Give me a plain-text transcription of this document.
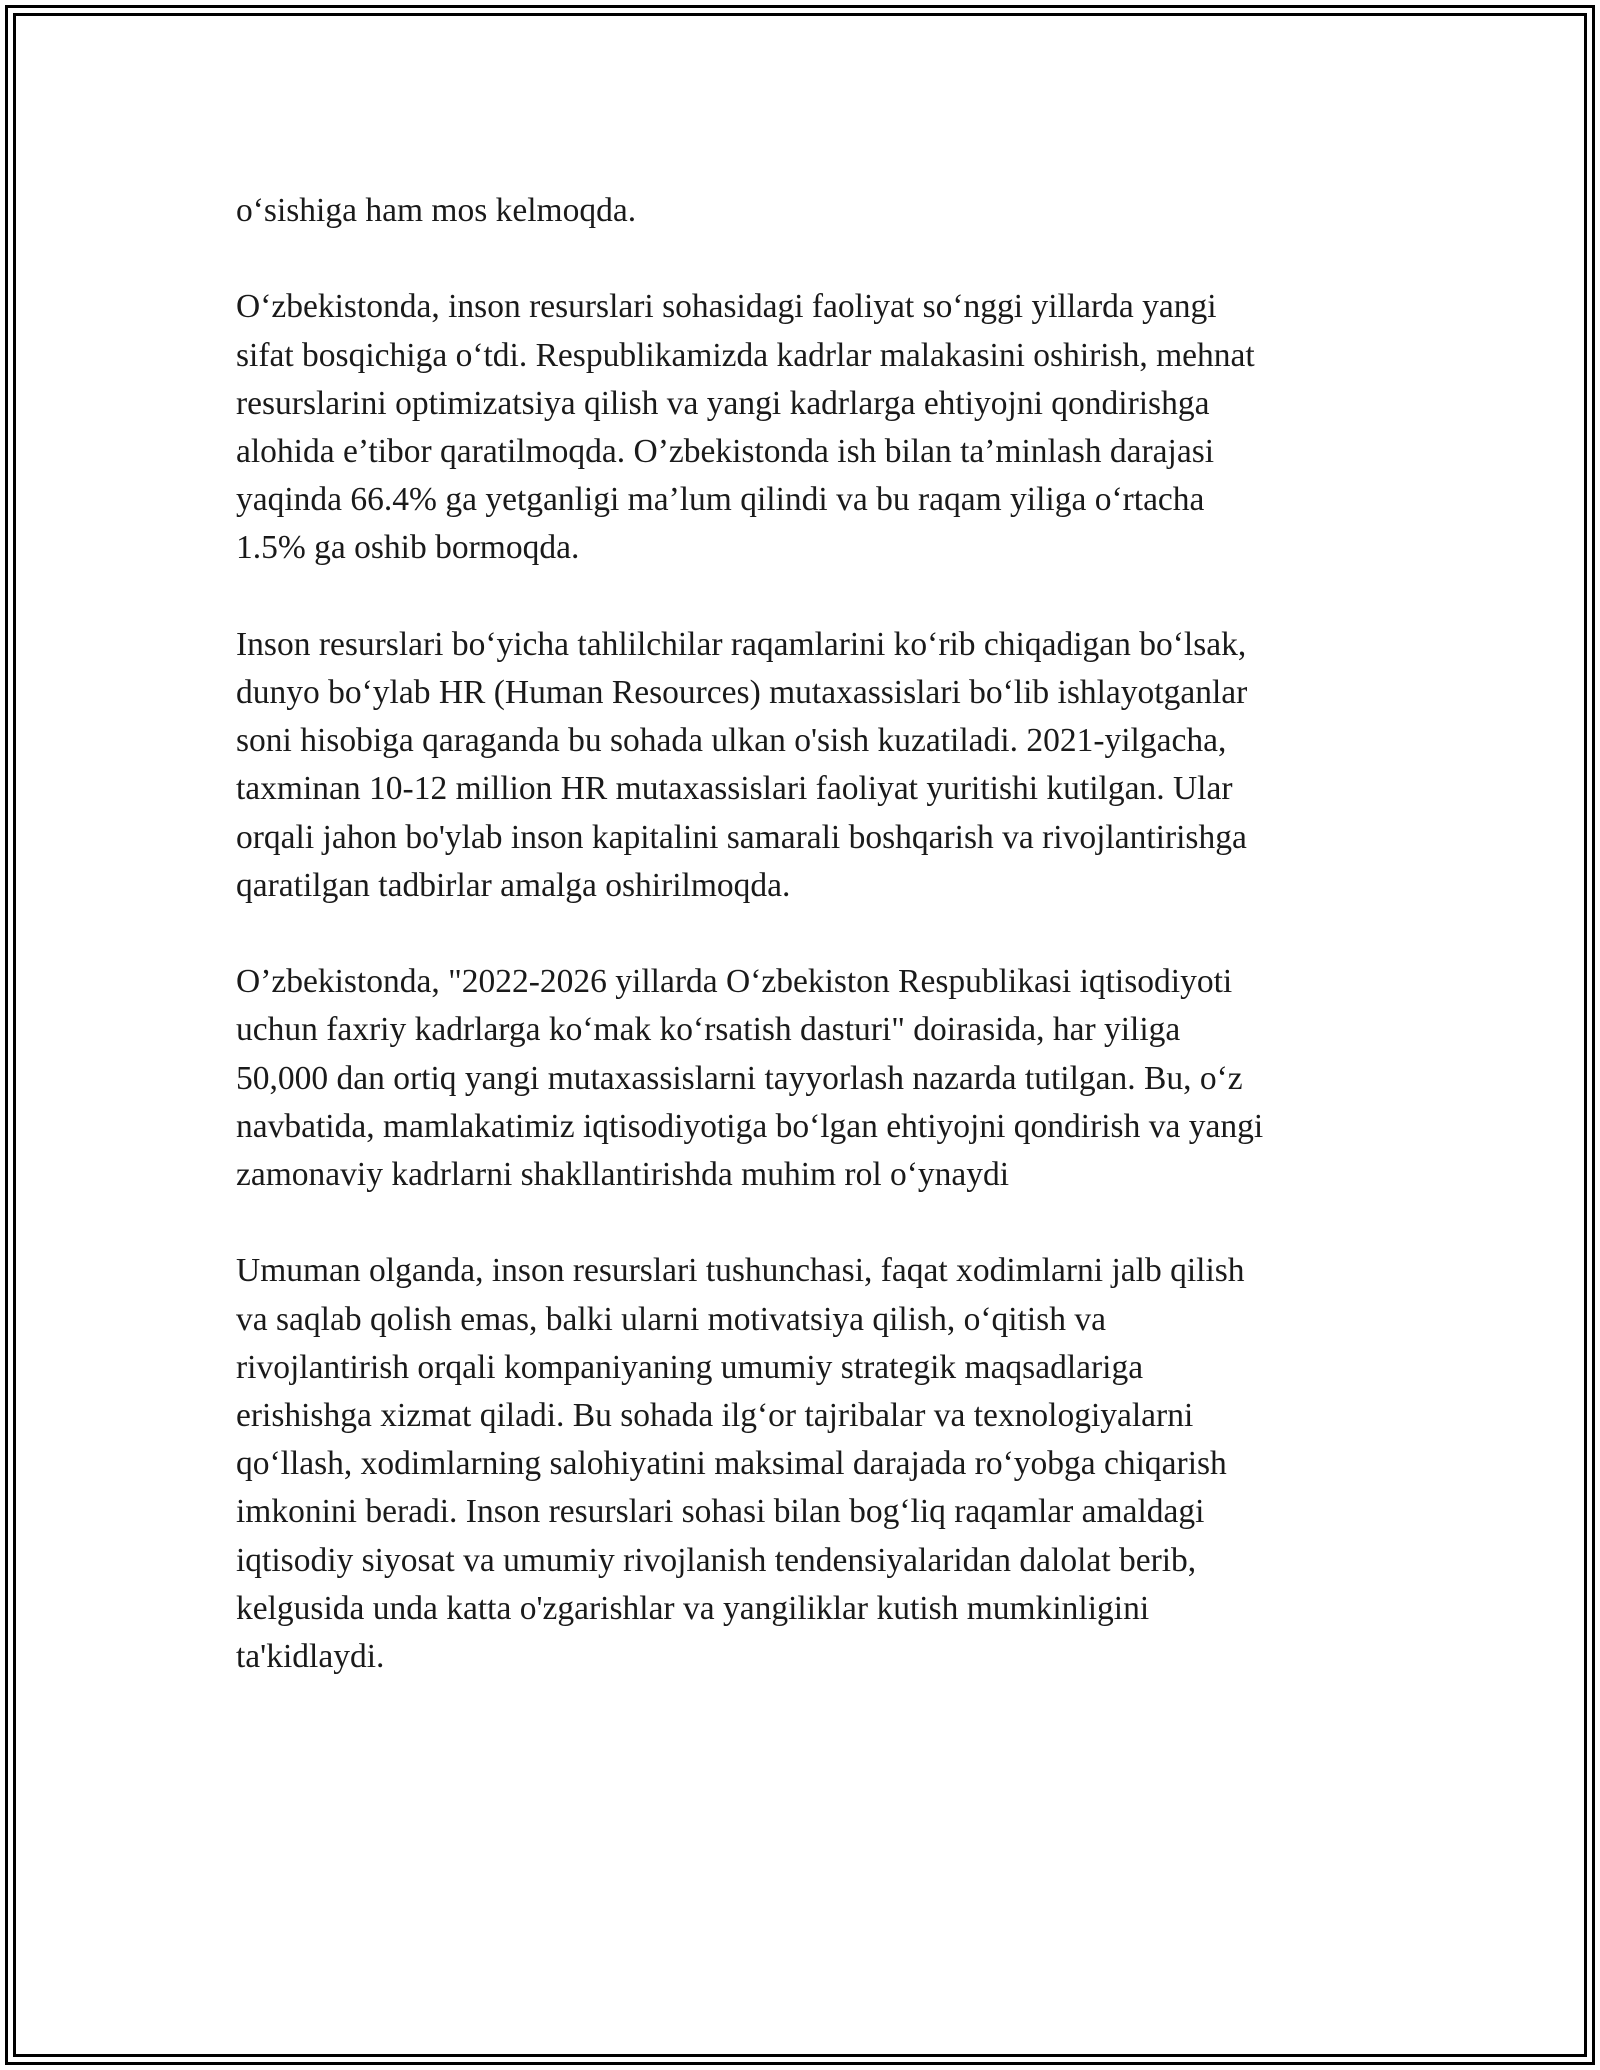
o‘sishiga ham mos kelmoqda.

O‘zbekistonda, inson resurslari sohasidagi faoliyat so‘nggi yillarda yangi
sifat bosqichiga o‘tdi. Respublikamizda kadrlar malakasini oshirish, mehnat
resurslarini optimizatsiya qilish va yangi kadrlarga ehtiyojni qondirishga
alohida e’tibor qaratilmoqda. O’zbekistonda ish bilan ta’minlash darajasi
yaqinda 66.4% ga yetganligi ma’lum qilindi va bu raqam yiliga o‘rtacha
1.5% ga oshib bormoqda.

Inson resurslari bo‘yicha tahlilchilar raqamlarini ko‘rib chiqadigan bo‘lsak,
dunyo bo‘ylab HR (Human Resources) mutaxassislari bo‘lib ishlayotganlar
soni hisobiga qaraganda bu sohada ulkan o'sish kuzatiladi. 2021-yilgacha,
taxminan 10-12 million HR mutaxassislari faoliyat yuritishi kutilgan. Ular
orqali jahon bo'ylab inson kapitalini samarali boshqarish va rivojlantirishga
qaratilgan tadbirlar amalga oshirilmoqda.

O’zbekistonda, "2022-2026 yillarda O‘zbekiston Respublikasi iqtisodiyoti
uchun faxriy kadrlarga ko‘mak ko‘rsatish dasturi" doirasida, har yiliga
50,000 dan ortiq yangi mutaxassislarni tayyorlash nazarda tutilgan. Bu, o‘z
navbatida, mamlakatimiz iqtisodiyotiga bo‘lgan ehtiyojni qondirish va yangi
zamonaviy kadrlarni shakllantirishda muhim rol o‘ynaydi

Umuman olganda, inson resurslari tushunchasi, faqat xodimlarni jalb qilish
va saqlab qolish emas, balki ularni motivatsiya qilish, o‘qitish va
rivojlantirish orqali kompaniyaning umumiy strategik maqsadlariga
erishishga xizmat qiladi. Bu sohada ilg‘or tajribalar va texnologiyalarni
qo‘llash, xodimlarning salohiyatini maksimal darajada ro‘yobga chiqarish
imkonini beradi. Inson resurslari sohasi bilan bog‘liq raqamlar amaldagi
iqtisodiy siyosat va umumiy rivojlanish tendensiyalaridan dalolat berib,
kelgusida unda katta o'zgarishlar va yangiliklar kutish mumkinligini
ta'kidlaydi.
